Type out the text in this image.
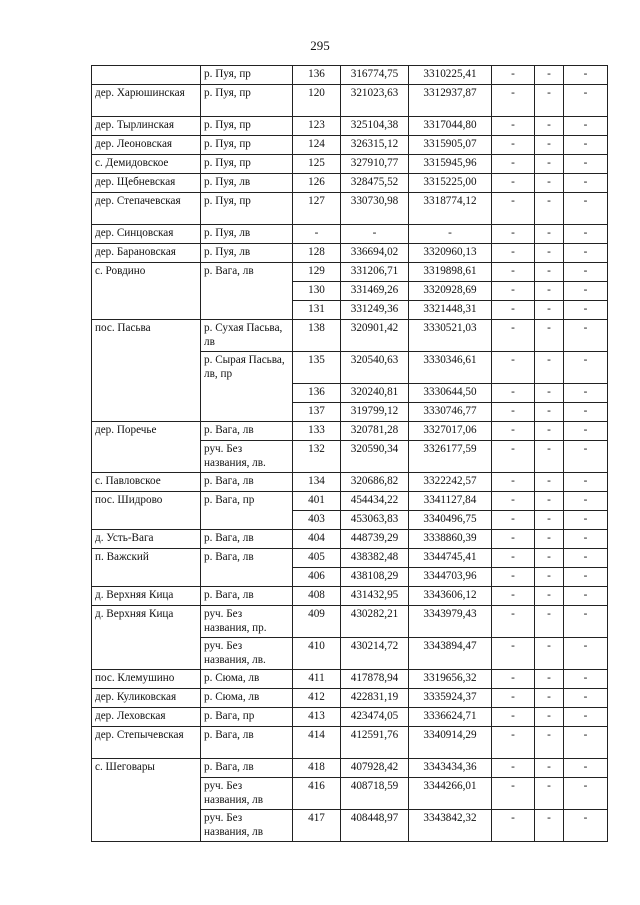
295
	р. Пуя, пр	136	316774,75	3310225,41	-	-	-
дер. Харюшинская	р. Пуя, пр	120	321023,63	3312937,87	-	-	-
дер. Тырлинская	р. Пуя, пр	123	325104,38	3317044,80	-	-	-
дер. Леоновская	р. Пуя, пр	124	326315,12	3315905,07	-	-	-
с. Демидовское	р. Пуя, пр	125	327910,77	3315945,96	-	-	-
дер. Щебневская	р. Пуя, лв	126	328475,52	3315225,00	-	-	-
дер. Степачевская	р. Пуя, пр	127	330730,98	3318774,12	-	-	-
дер. Синцовская	р. Пуя, лв	-	-	-	-	-	-
дер. Барановская	р. Пуя, лв	128	336694,02	3320960,13	-	-	-
с. Ровдино	р. Вага, лв	129	331206,71	3319898,61	-	-	-
		130	331469,26	3320928,69	-	-	-
		131	331249,36	3321448,31	-	-	-
пос. Пасьва	р. Сухая Пасьва, лв	138	320901,42	3330521,03	-	-	-
	р. Сырая Пасьва, лв, пр	135	320540,63	3330346,61	-	-	-
		136	320240,81	3330644,50	-	-	-
		137	319799,12	3330746,77	-	-	-
дер. Поречье	р. Вага, лв	133	320781,28	3327017,06	-	-	-
	руч. Без названия, лв.	132	320590,34	3326177,59	-	-	-
с. Павловское	р. Вага, лв	134	320686,82	3322242,57	-	-	-
пос. Шидрово	р. Вага, пр	401	454434,22	3341127,84	-	-	-
		403	453063,83	3340496,75	-	-	-
д. Усть-Вага	р. Вага, лв	404	448739,29	3338860,39	-	-	-
п. Важский	р. Вага, лв	405	438382,48	3344745,41	-	-	-
		406	438108,29	3344703,96	-	-	-
д. Верхняя Кица	р. Вага, лв	408	431432,95	3343606,12	-	-	-
д. Верхняя Кица	руч. Без названия, пр.	409	430282,21	3343979,43	-	-	-
	руч. Без названия, лв.	410	430214,72	3343894,47	-	-	-
пос. Клемушино	р. Сюма, лв	411	417878,94	3319656,32	-	-	-
дер. Куликовская	р. Сюма, лв	412	422831,19	3335924,37	-	-	-
дер. Леховская	р. Вага, пр	413	423474,05	3336624,71	-	-	-
дер. Степычевская	р. Вага, лв	414	412591,76	3340914,29	-	-	-
с. Шеговары	р. Вага, лв	418	407928,42	3343434,36	-	-	-
	руч. Без названия, лв	416	408718,59	3344266,01	-	-	-
	руч. Без названия, лв	417	408448,97	3343842,32	-	-	-
